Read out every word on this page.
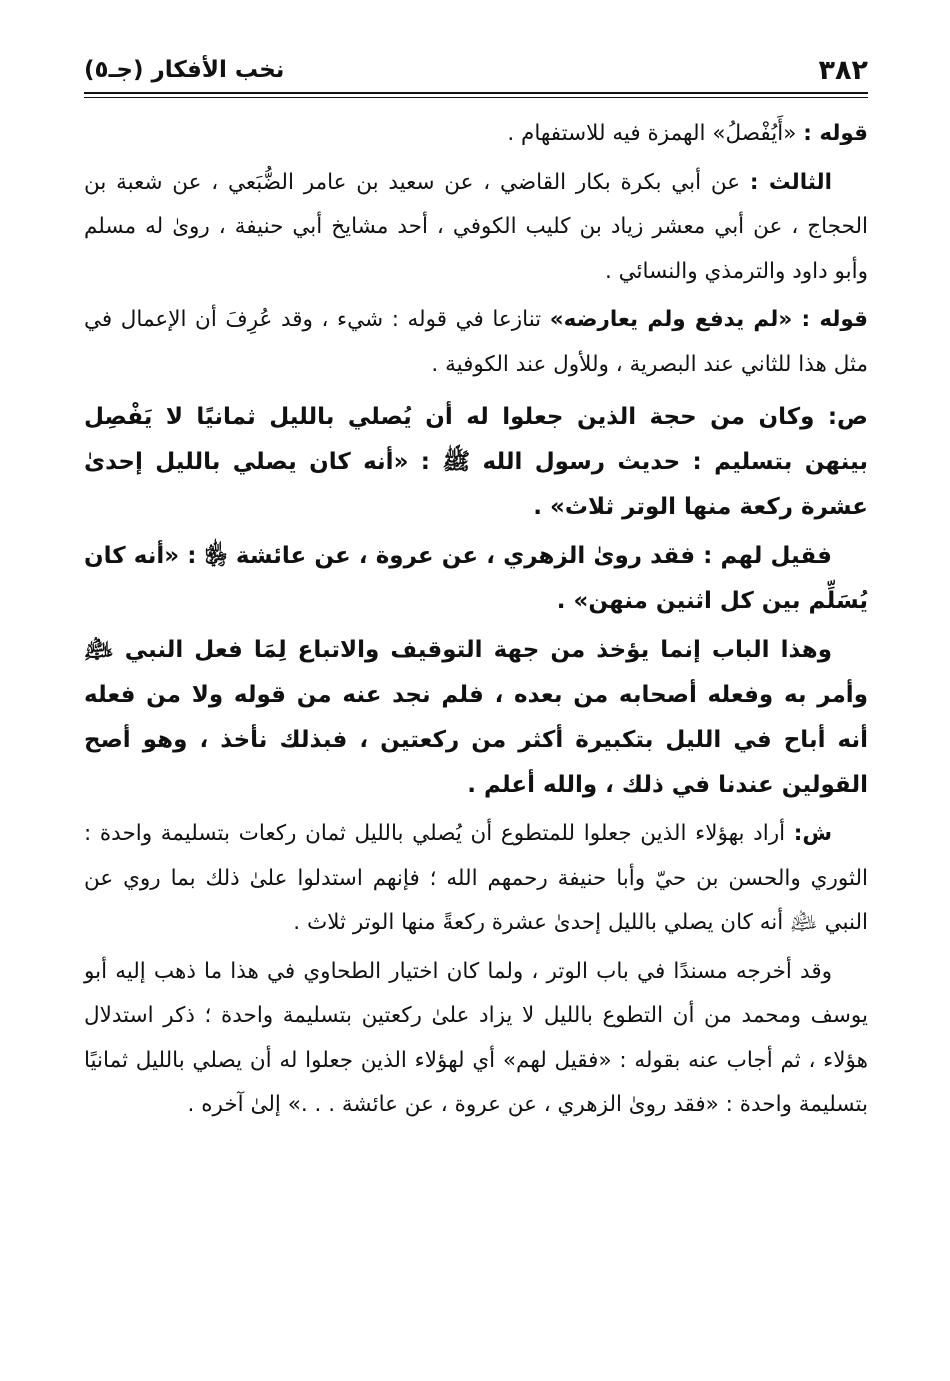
٣٨٢
نخب الأفكار (جـ٥)

قوله : «أَيُفْصلُ» الهمزة فيه للاستفهام .

الثالث : عن أبي بكرة بكار القاضي ، عن سعيد بن عامر الضُّبَعي ، عن شعبة بن الحجاج ، عن أبي معشر زياد بن كليب الكوفي ، أحد مشايخ أبي حنيفة ، روىٰ له مسلم وأبو داود والترمذي والنسائي .

قوله : «لم يدفع ولم يعارضه» تنازعا في قوله : شيء ، وقد عُرِفَ أن الإعمال في مثل هذا للثاني عند البصرية ، وللأول عند الكوفية .

ص: وكان من حجة الذين جعلوا له أن يُصلي بالليل ثمانيًا لا يَفْصِل بينهن بتسليم : حديث رسول الله ﷺ : «أنه كان يصلي بالليل إحدىٰ عشرة ركعة منها الوتر ثلاث» .

فقيل لهم : فقد روىٰ الزهري ، عن عروة ، عن عائشة ﵂ : «أنه كان يُسَلِّم بين كل اثنين منهن» .

وهذا الباب إنما يؤخذ من جهة التوقيف والاتباع لِمَا فعل النبي ﵇ وأمر به وفعله أصحابه من بعده ، فلم نجد عنه من قوله ولا من فعله أنه أباح في الليل بتكبيرة أكثر من ركعتين ، فبذلك نأخذ ، وهو أصح القولين عندنا في ذلك ، والله أعلم .

ش: أراد بهؤلاء الذين جعلوا للمتطوع أن يُصلي بالليل ثمان ركعات بتسليمة واحدة : الثوري والحسن بن حيّ وأبا حنيفة رحمهم الله ؛ فإنهم استدلوا علىٰ ذلك بما روي عن النبي ﵇ أنه كان يصلي بالليل إحدىٰ عشرة ركعةً منها الوتر ثلاث .

وقد أخرجه مسندًا في باب الوتر ، ولما كان اختيار الطحاوي في هذا ما ذهب إليه أبو يوسف ومحمد من أن التطوع بالليل لا يزاد علىٰ ركعتين بتسليمة واحدة ؛ ذكر استدلال هؤلاء ، ثم أجاب عنه بقوله : «فقيل لهم» أي لهؤلاء الذين جعلوا له أن يصلي بالليل ثمانيًا بتسليمة واحدة : «فقد روىٰ الزهري ، عن عروة ، عن عائشة . . .» إلىٰ آخره .
